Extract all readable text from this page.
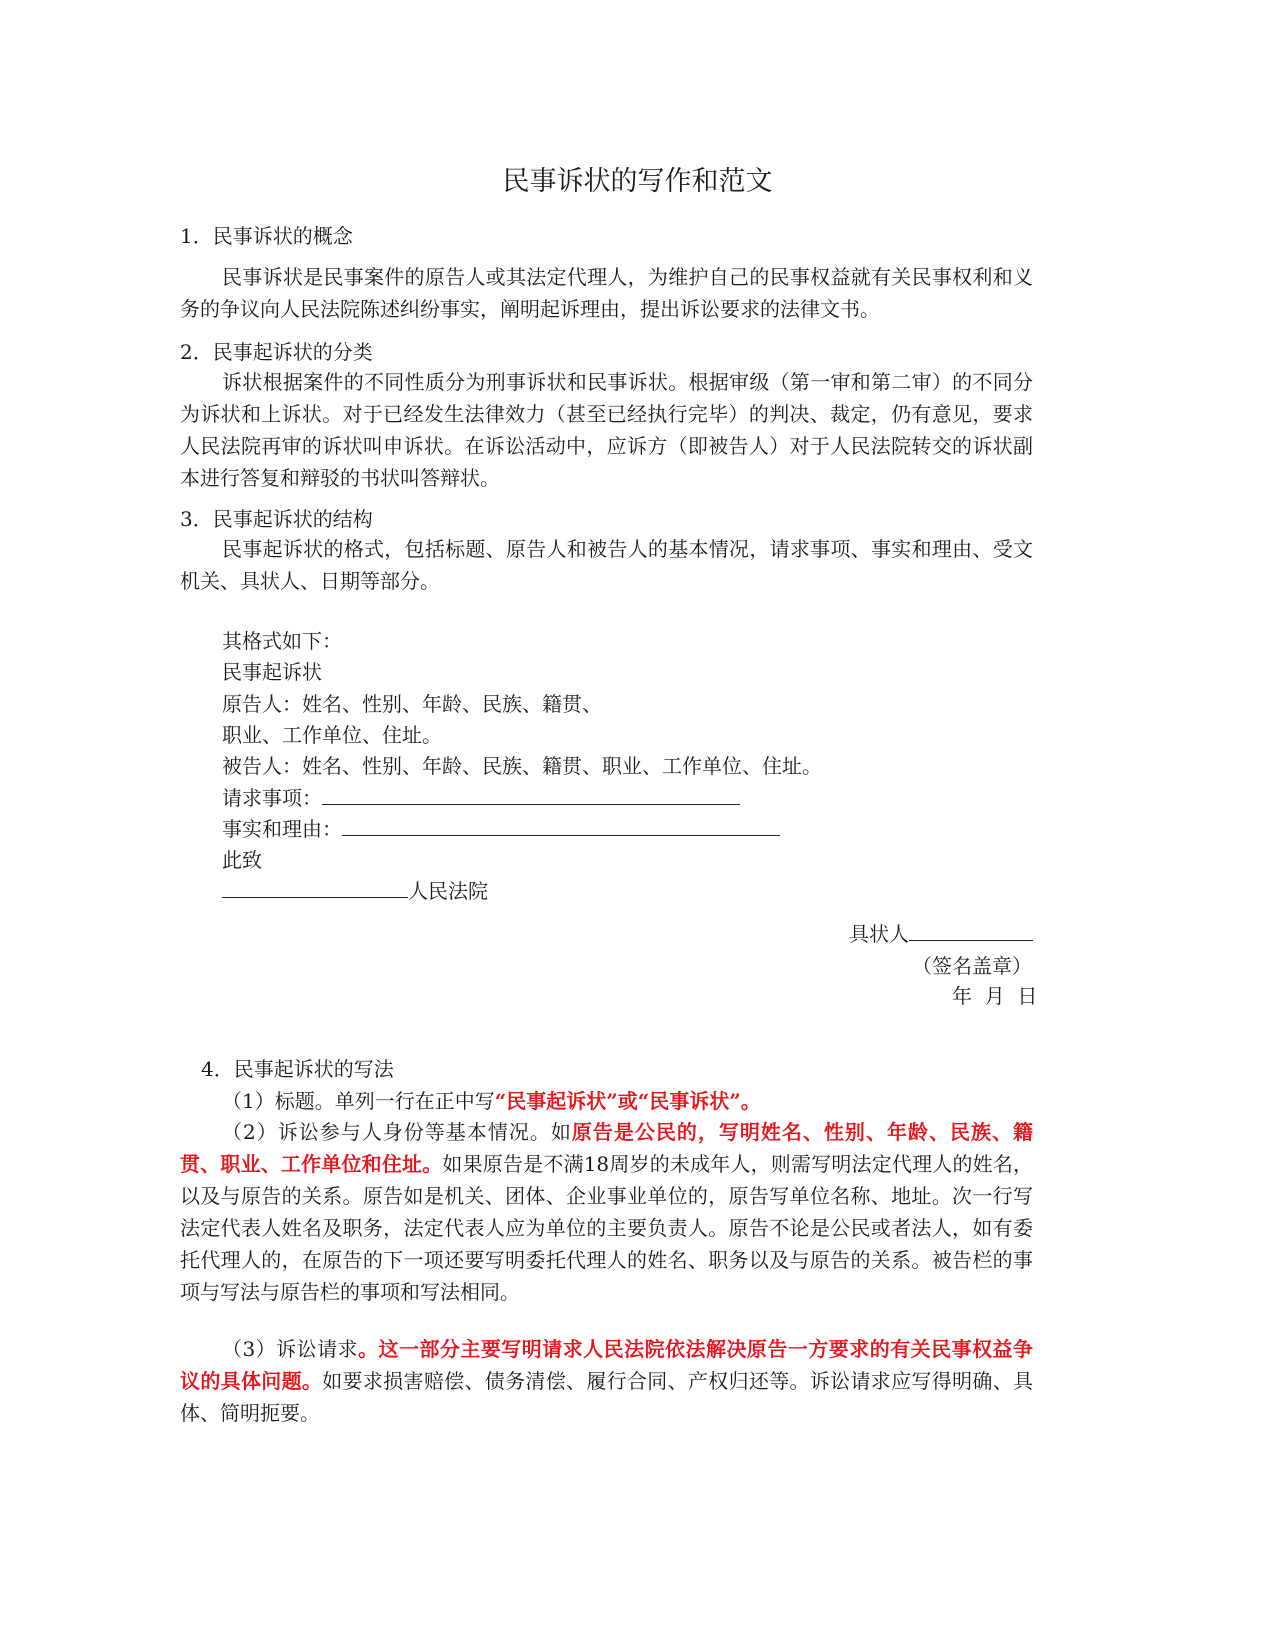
民事诉状的写作和范文
1．民事诉状的概念
民事诉状是民事案件的原告人或其法定代理人，为维护自己的民事权益就有关民事权利和义务的争议向人民法院陈述纠纷事实，阐明起诉理由，提出诉讼要求的法律文书。
2．民事起诉状的分类
诉状根据案件的不同性质分为刑事诉状和民事诉状。根据审级（第一审和第二审）的不同分为诉状和上诉状。对于已经发生法律效力（甚至已经执行完毕）的判决、裁定，仍有意见，要求人民法院再审的诉状叫申诉状。在诉讼活动中，应诉方（即被告人）对于人民法院转交的诉状副本进行答复和辩驳的书状叫答辩状。
3．民事起诉状的结构
民事起诉状的格式，包括标题、原告人和被告人的基本情况，请求事项、事实和理由、受文机关、具状人、日期等部分。
其格式如下：
民事起诉状
原告人：姓名、性别、年龄、民族、籍贯、
职业、工作单位、住址。
被告人：姓名、性别、年龄、民族、籍贯、职业、工作单位、住址。
请求事项：
事实和理由：
此致
人民法院
具状人
（签名盖章）
年  月  日
4．民事起诉状的写法
（1）标题。单列一行在正中写“民事起诉状”或“民事诉状”。
（2）诉讼参与人身份等基本情况。如原告是公民的，写明姓名、性别、年龄、民族、籍贯、职业、工作单位和住址。如果原告是不满18周岁的未成年人，则需写明法定代理人的姓名，以及与原告的关系。原告如是机关、团体、企业事业单位的，原告写单位名称、地址。次一行写法定代表人姓名及职务，法定代表人应为单位的主要负责人。原告不论是公民或者法人，如有委托代理人的，在原告的下一项还要写明委托代理人的姓名、职务以及与原告的关系。被告栏的事项与写法与原告栏的事项和写法相同。
（3）诉讼请求。这一部分主要写明请求人民法院依法解决原告一方要求的有关民事权益争议的具体问题。如要求损害赔偿、债务清偿、履行合同、产权归还等。诉讼请求应写得明确、具体、简明扼要。
